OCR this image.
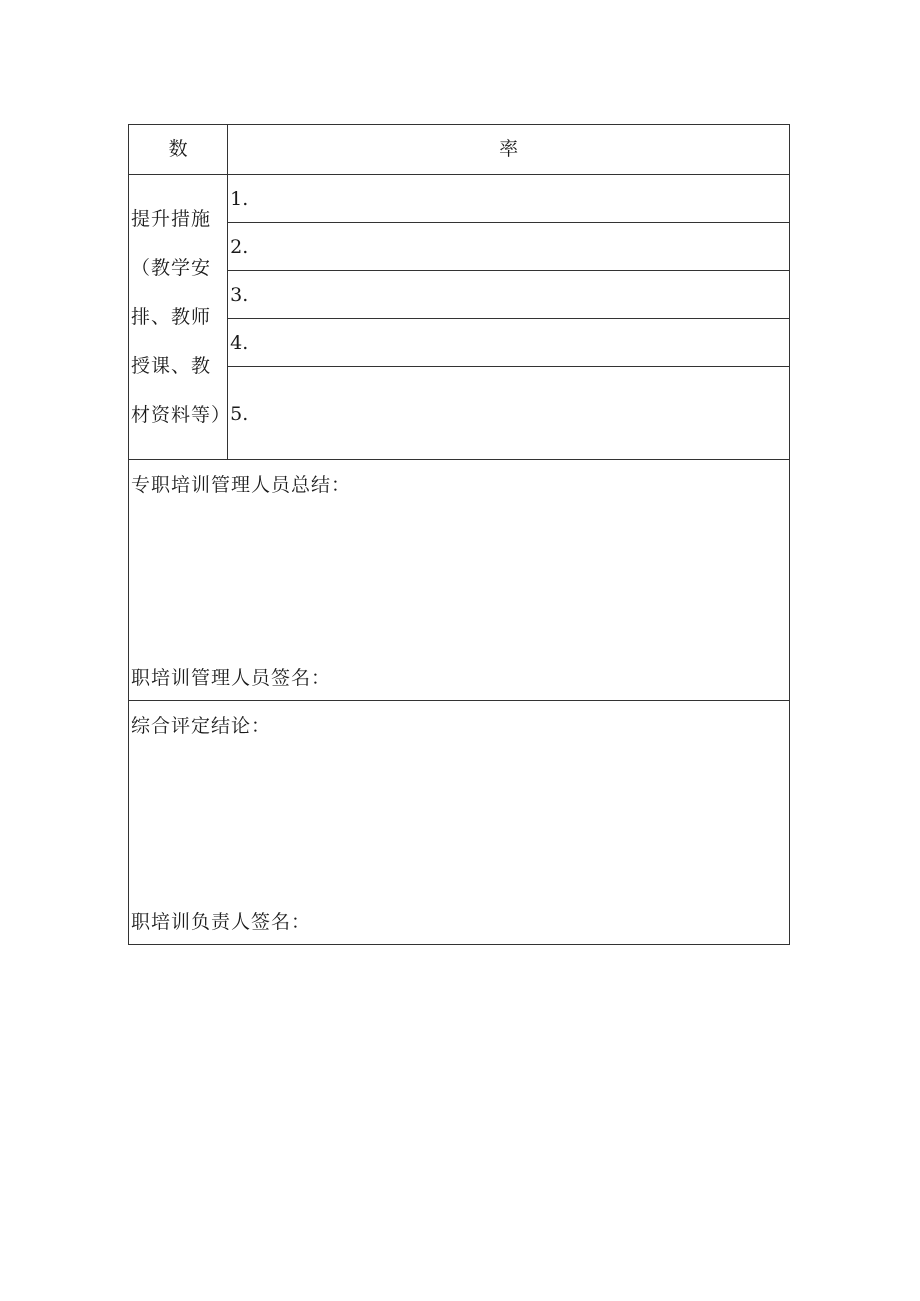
数	率

提升措施（教学安排、教师授课、教材资料等）	1.

	2.

	3.

	4.

	5.

专职培训管理人员总结：
职培训管理人员签名：	

综合评定结论：
职培训负责人签名：	
